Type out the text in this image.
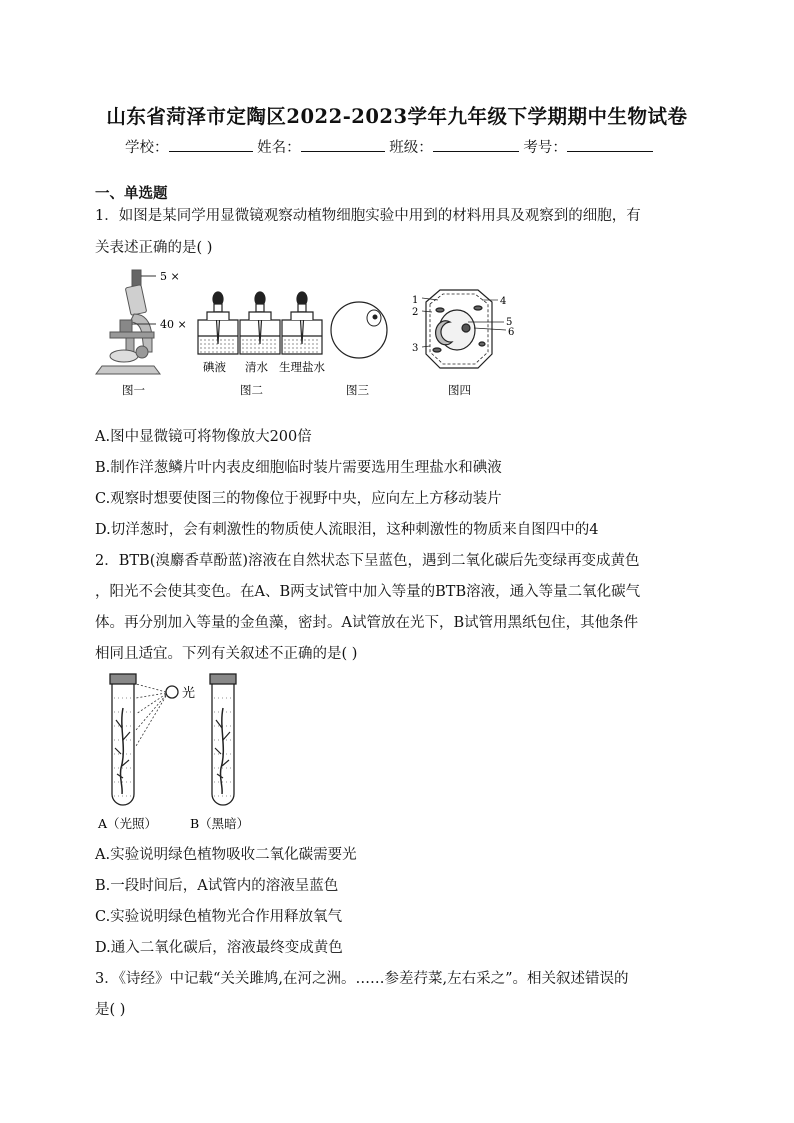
山东省菏泽市定陶区2022-2023学年九年级下学期期中生物试卷
学校：	姓名：	班级：	考号：
一、单选题
1．如图是某同学用显微镜观察动植物细胞实验中用到的材料用具及观察到的细胞，有
关表述正确的是( )
5 ×
40 ×
碘液 清水 生理盐水
1
2
3
4
5
6
图一	图二	图三	图四
A.图中显微镜可将物像放大200倍
B.制作洋葱鳞片叶内表皮细胞临时装片需要选用生理盐水和碘液
C.观察时想要使图三的物像位于视野中央，应向左上方移动装片
D.切洋葱时，会有刺激性的物质使人流眼泪，这种刺激性的物质来自图四中的4
2．BTB(溴麝香草酚蓝)溶液在自然状态下呈蓝色，遇到二氧化碳后先变绿再变成黄色
，阳光不会使其变色。在A、B两支试管中加入等量的BTB溶液，通入等量二氧化碳气
体。再分别加入等量的金鱼藻，密封。A试管放在光下，B试管用黑纸包住，其他条件
相同且适宜。下列有关叙述不正确的是( )
光
A（光照）	B（黑暗）
A.实验说明绿色植物吸收二氧化碳需要光
B.一段时间后，A试管内的溶液呈蓝色
C.实验说明绿色植物光合作用释放氧气
D.通入二氧化碳后，溶液最终变成黄色
3．《诗经》中记载“关关雎鸠,在河之洲。……参差荇菜,左右采之”。相关叙述错误的
是( )
